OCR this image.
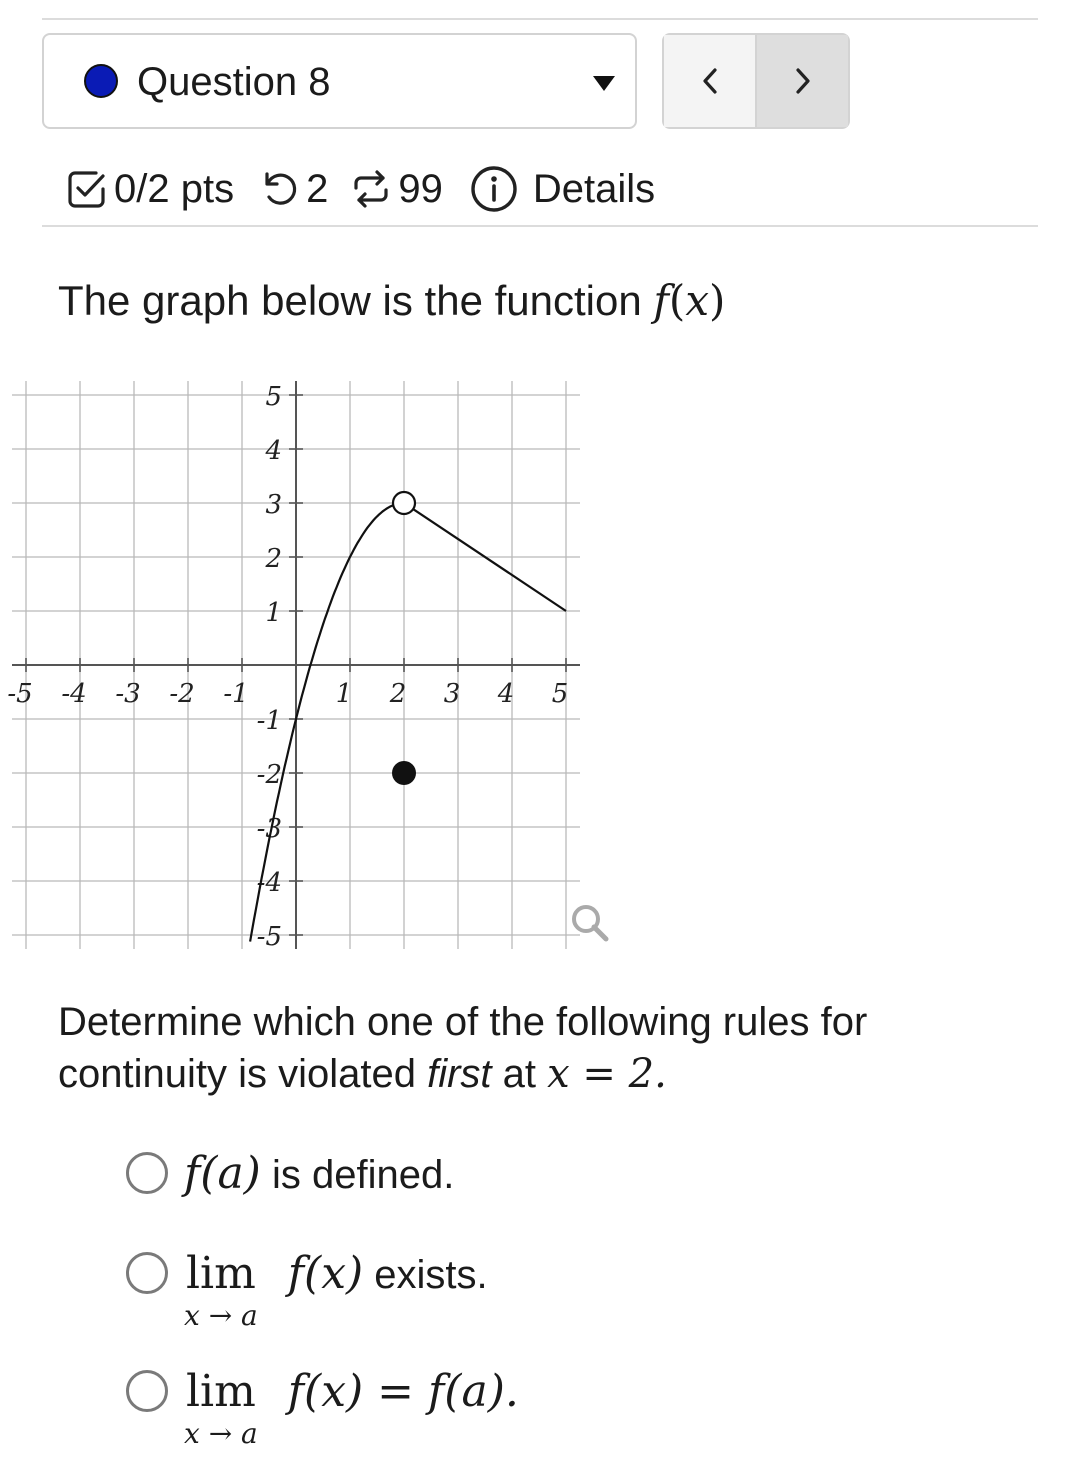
Question 8
0/2 pts 2 99 Details
The graph below is the function f(x)
-5 -4 -3 -2 -1	1 2 3 4 5
5
4
3
2
1
-1
-2
-3
-4
-5
Determine which one of the following rules for continuity is violated first at x = 2.
f(a) is defined.
lim
x → a
f(x) exists.
lim
x → a
f(x) = f(a).
